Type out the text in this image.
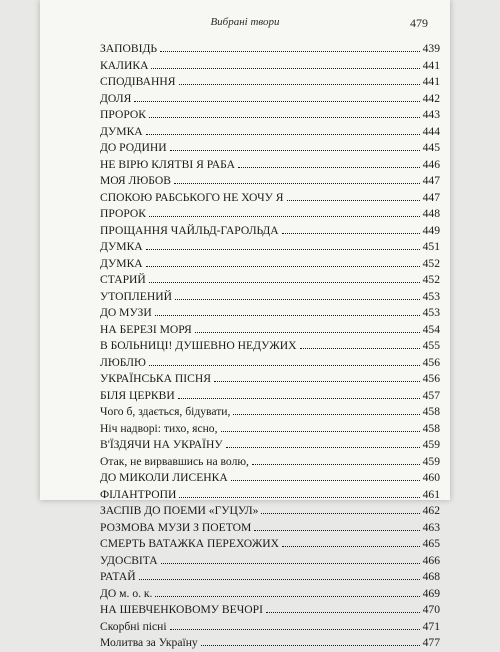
Вибрані твори	479
ЗАПОВІДЬ	439
КАЛИКА	441
СПОДІВАННЯ	441
ДОЛЯ	442
ПРОРОК	443
ДУМКА	444
ДО РОДИНИ	445
НЕ ВІРЮ КЛЯТВІ Я РАБА	446
МОЯ ЛЮБОВ	447
СПОКОЮ РАБСЬКОГО НЕ ХОЧУ Я	447
ПРОРОК	448
ПРОЩАННЯ ЧАЙЛЬД-ГАРОЛЬДА	449
ДУМКА	451
ДУМКА	452
СТАРИЙ	452
УТОПЛЕНИЙ	453
ДО МУЗИ	453
НА БЕРЕЗІ МОРЯ	454
В БОЛЬНИЦІ! ДУШЕВНО НЕДУЖИХ	455
ЛЮБЛЮ	456
УКРАЇНСЬКА ПІСНЯ	456
БІЛЯ ЦЕРКВИ	457
Чого б, здається, бідувати,	458
Ніч надворі: тихо, ясно,	458
В'ЇЗДЯЧИ НА УКРАЇНУ	459
Отак, не вирвавшись на волю,	459
ДО МИКОЛИ ЛИСЕНКА	460
ФІЛАНТРОПИ	461
ЗАСПІВ ДО ПОЕМИ «ГУЦУЛ»	462
РОЗМОВА МУЗИ З ПОЕТОМ	463
СМЕРТЬ ВАТАЖКА ПЕРЕХОЖИХ	465
УДОСВІТА	466
РАТАЙ	468
ДО м. о. к.	469
НА ШЕВЧЕНКОВОМУ ВЕЧОРІ	470
Скорбні пісні	471
Молитва за Україну	477
